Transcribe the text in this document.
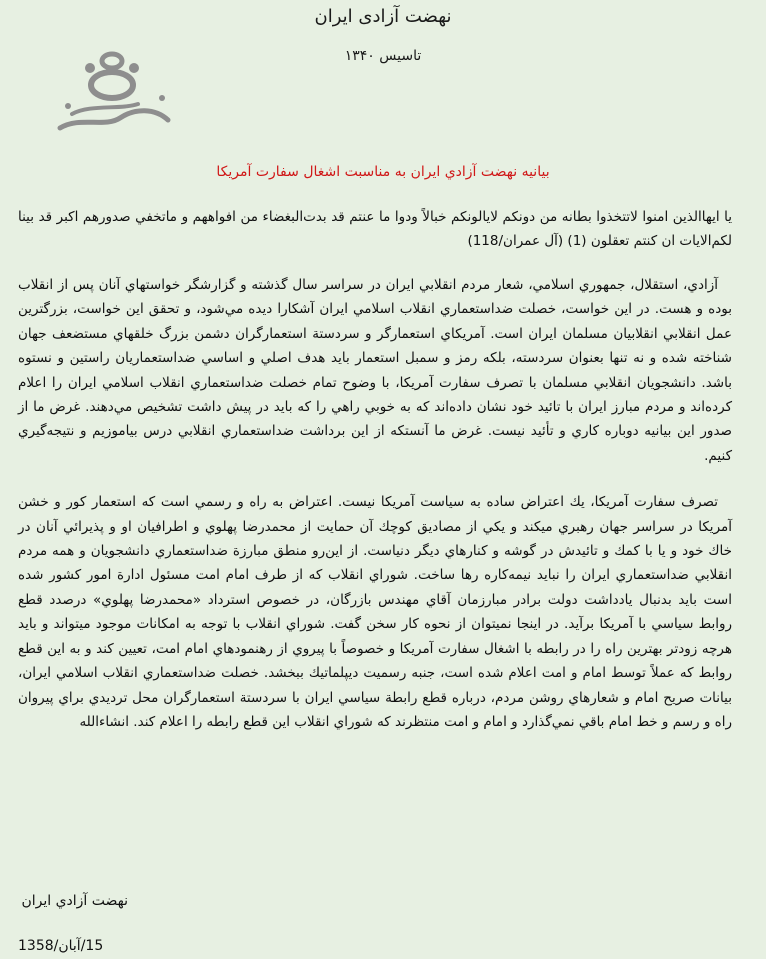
نهضت آزادی ایران
تاسیس ۱۳۴۰
بيانيه نهضت آزادي ايران به مناسبت اشغال سفارت آمريکا

يا ايهاالذين امنوا لاتتخذوا بطانه من دونكم لايالونكم خبالاً ودوا ما عنتم قد بدت‌البغضاء من افواههم و ماتخفي صدورهم اكبر قد بينا لكم‌الايات ان كنتم تعقلون (1) (آل عمران/118)

آزادي، استقلال، جمهوري اسلامي، شعار مردم انقلابي ايران در سراسر سال گذشته و گزارشگر خواستهاي آنان پس از انقلاب بوده و هست. در اين خواست، خصلت ضداستعماري انقلاب اسلامي ايران آشكارا ديده مي‌شود، و تحقق اين خواست، بزرگترين عمل انقلابي انقلابيان مسلمان ايران است. آمريكاي استعمارگر و سردستة استعمارگران دشمن بزرگ خلقهاي مستضعف جهان شناخته شده و نه تنها بعنوان سردسته، بلكه رمز و سمبل استعمار بايد هدف اصلي و اساسي ضداستعماريان راستين و نستوه باشد. دانشجويان انقلابي مسلمان با تصرف سفارت آمريكا، با وضوح تمام خصلت ضداستعماري انقلاب اسلامي ايران را اعلام كرده‌اند و مردم مبارز ايران با تائيد خود نشان داده‌اند كه به خوبي راهي را كه بايد در پيش داشت تشخيص مي‌دهند. غرض ما از صدور اين بيانيه دوباره كاري و تأئيد نيست. غرض ما آنستكه از اين برداشت ضداستعماري انقلابي درس بياموزيم و نتيجه‌گيري كنيم.

تصرف سفارت آمريكا، يك اعتراض ساده به سياست آمريكا نيست. اعتراض به راه و رسمي است كه استعمار كور و خشن آمريكا در سراسر جهان رهبري ميكند و يكي از مصاديق كوچك آن حمايت از محمدرضا پهلوي و اطرافيان او و پذيرائي آنان در خاك خود و يا با كمك و تائيدش در گوشه و كنارهاي ديگر دنياست. از اين‌رو منطق مبارزة ضداستعماري دانشجويان و همه مردم انقلابي ضداستعماري ايران را نبايد نيمه‌كاره رها ساخت. شوراي انقلاب كه از طرف امام امت مسئول ادارة امور كشور شده است بايد بدنبال يادداشت دولت برادر مبارزمان آقاي مهندس بازرگان، در خصوص استرداد «محمدرضا پهلوي» درصدد قطع روابط سياسي با آمريكا برآيد. در اينجا نميتوان از نحوه كار سخن گفت. شوراي انقلاب با توجه به امكانات موجود ميتواند و بايد هرچه زودتر بهترين راه را در رابطه با اشغال سفارت آمريكا و خصوصاً با پيروي از رهنمودهاي امام امت، تعيين كند و به اين قطع روابط كه عملاً توسط امام و امت اعلام شده است، جنبه رسميت ديپلماتيك ببخشد. خصلت ضداستعماري انقلاب اسلامي ايران، بيانات صريح امام و شعارهاي روشن مردم، درباره قطع رابطة سياسي ايران با سردستة استعمارگران محل ترديدي براي پيروان راه و رسم و خط امام باقي نمي‌گذارد و امام و امت منتظرند كه شوراي انقلاب اين قطع رابطه را اعلام كند. انشاءالله

نهضت آزادي ايران
15/آبان/1358
